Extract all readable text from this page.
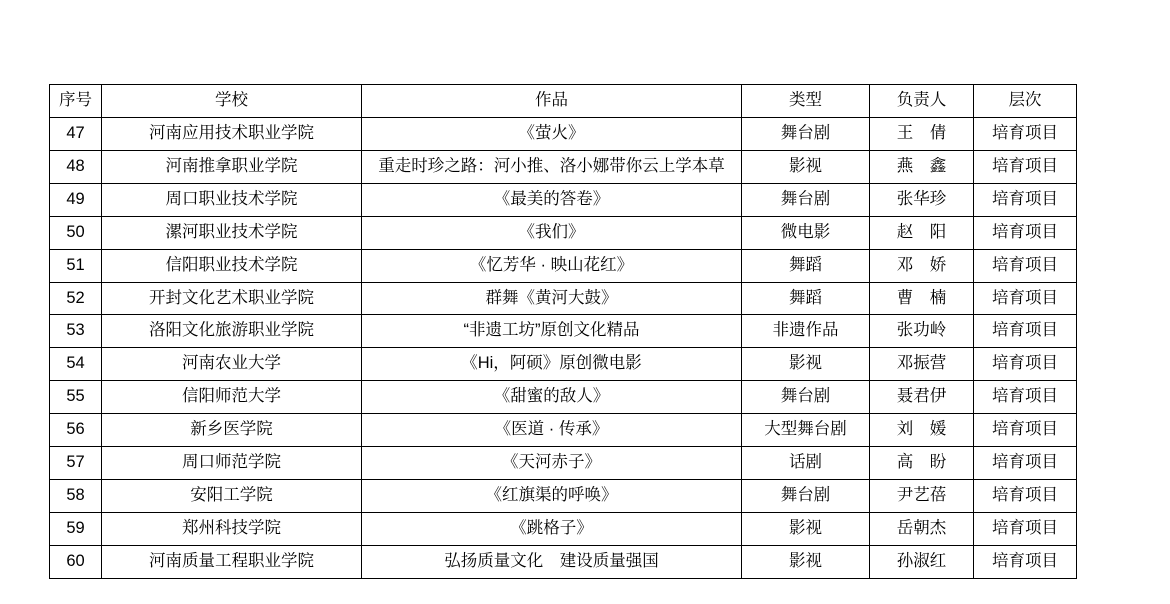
序号	学校	作品	类型	负责人	层次
47	河南应用技术职业学院	《萤火》	舞台剧	王　倩	培育项目
48	河南推拿职业学院	重走时珍之路：河小推、洛小娜带你云上学本草	影视	燕　鑫	培育项目
49	周口职业技术学院	《最美的答卷》	舞台剧	张华珍	培育项目
50	漯河职业技术学院	《我们》	微电影	赵　阳	培育项目
51	信阳职业技术学院	《忆芳华 · 映山花红》	舞蹈	邓　娇	培育项目
52	开封文化艺术职业学院	群舞《黄河大鼓》	舞蹈	曹　楠	培育项目
53	洛阳文化旅游职业学院	“非遗工坊”原创文化精品	非遗作品	张功岭	培育项目
54	河南农业大学	《Hi，阿硕》原创微电影	影视	邓振营	培育项目
55	信阳师范大学	《甜蜜的敌人》	舞台剧	聂君伊	培育项目
56	新乡医学院	《医道 · 传承》	大型舞台剧	刘　媛	培育项目
57	周口师范学院	《天河赤子》	话剧	高　盼	培育项目
58	安阳工学院	《红旗渠的呼唤》	舞台剧	尹艺蓓	培育项目
59	郑州科技学院	《跳格子》	影视	岳朝杰	培育项目
60	河南质量工程职业学院	弘扬质量文化　建设质量强国	影视	孙淑红	培育项目
